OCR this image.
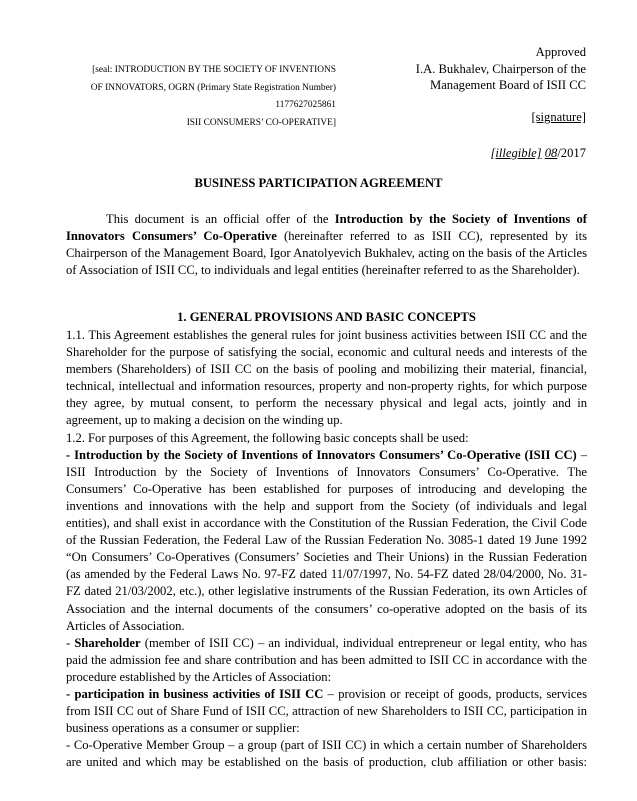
[seal: INTRODUCTION BY THE SOCIETY OF INVENTIONS
OF INNOVATORS, OGRN (Primary State Registration Number)
1177627025861
ISII CONSUMERS’ CO-OPERATIVE]
Approved
I.A. Bukhalev, Chairperson of the
Management Board of ISII CC
[signature]
[illegible] 08/2017
BUSINESS PARTICIPATION AGREEMENT
This document is an official offer of the Introduction by the Society of Inventions of Innovators Consumers’ Co-Operative (hereinafter referred to as ISII CC), represented by its Chairperson of the Management Board, Igor Anatolyevich Bukhalev, acting on the basis of the Articles of Association of ISII CC, to individuals and legal entities (hereinafter referred to as the Shareholder).
1. GENERAL PROVISIONS AND BASIC CONCEPTS

1.1. This Agreement establishes the general rules for joint business activities between ISII CC and the Shareholder for the purpose of satisfying the social, economic and cultural needs and interests of the members (Shareholders) of ISII CC on the basis of pooling and mobilizing their material, financial, technical, intellectual and information resources, property and non-property rights, for which purpose they agree, by mutual consent, to perform the necessary physical and legal acts, jointly and in agreement, up to making a decision on the winding up.

1.2. For purposes of this Agreement, the following basic concepts shall be used:

- Introduction by the Society of Inventions of Innovators Consumers’ Co-Operative (ISII CC) – ISII Introduction by the Society of Inventions of Innovators Consumers’ Co-Operative. The Consumers’ Co-Operative has been established for purposes of introducing and developing the inventions and innovations with the help and support from the Society (of individuals and legal entities), and shall exist in accordance with the Constitution of the Russian Federation, the Civil Code of the Russian Federation, the Federal Law of the Russian Federation No. 3085-1 dated 19 June 1992 “On Consumers’ Co-Operatives (Consumers’ Societies and Their Unions) in the Russian Federation (as amended by the Federal Laws No. 97-FZ dated 11/07/1997, No. 54-FZ dated 28/04/2000, No. 31-FZ dated 21/03/2002, etc.), other legislative instruments of the Russian Federation, its own Articles of Association and the internal documents of the consumers’ co-operative adopted on the basis of its Articles of Association.

- Shareholder (member of ISII CC) – an individual, individual entrepreneur or legal entity, who has paid the admission fee and share contribution and has been admitted to ISII CC in accordance with the procedure established by the Articles of Association:

- participation in business activities of ISII CC – provision or receipt of goods, products, services from ISII CC out of Share Fund of ISII CC, attraction of new Shareholders to ISII CC, participation in business operations as a consumer or supplier:

- Co-Operative Member Group – a group (part of ISII CC) in which a certain number of Shareholders are united and which may be established on the basis of production, club affiliation or other basis:
